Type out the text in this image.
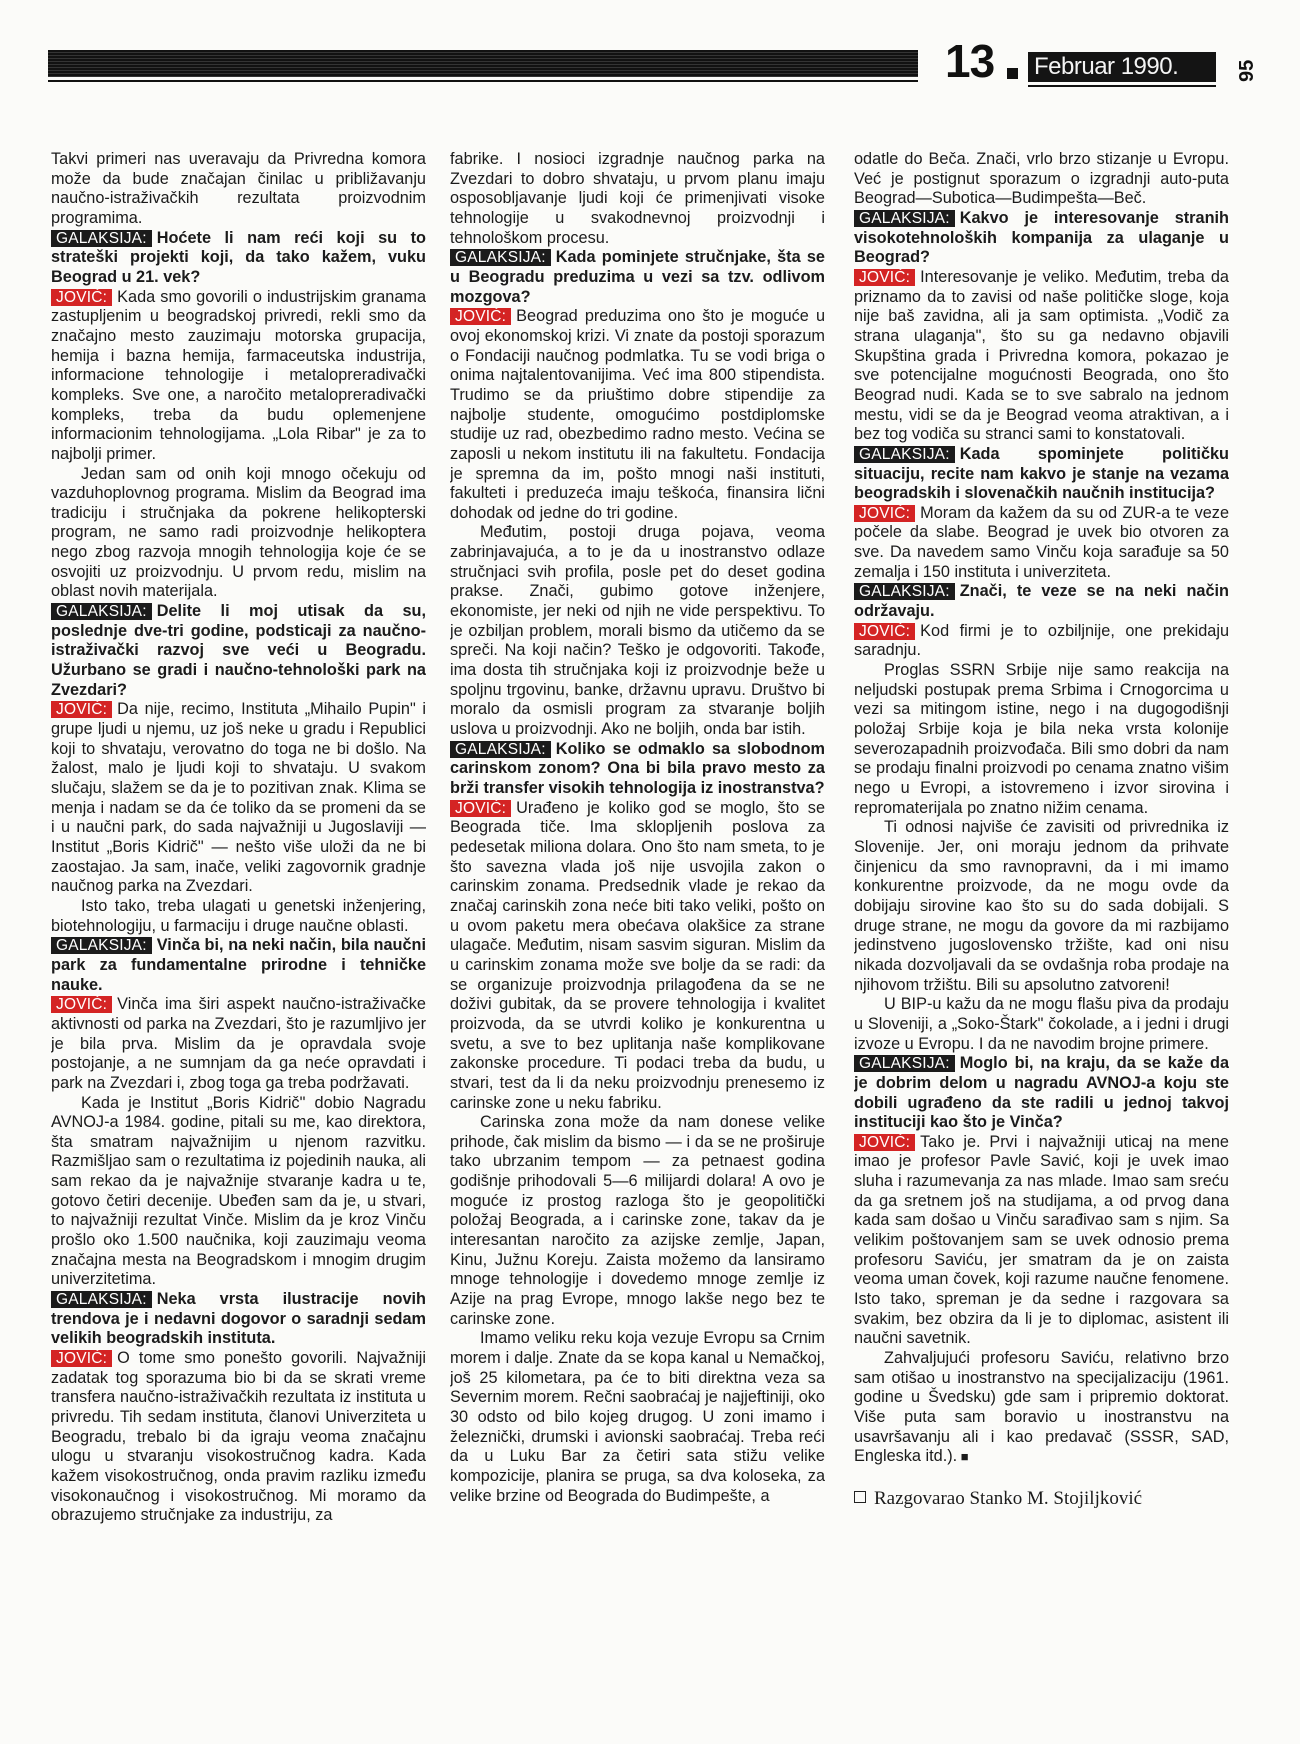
13 Februar 1990.	95

Takvi primeri nas uveravaju da Privredna komora može da bude značajan činilac u približavanju naučno-istraživačkih rezultata proizvodnim programima.

GALAKSIJA: Hoćete li nam reći koji su to strateški projekti koji, da tako kažem, vuku Beograd u 21. vek?

JOVIĆ: Kada smo govorili o industrijskim granama zastupljenim u beogradskoj privredi, rekli smo da značajno mesto zauzimaju motorska grupacija, hemija i bazna hemija, farmaceutska industrija, informacione tehnologije i metalopreradivački kompleks. Sve one, a naročito metalopreradivački kompleks, treba da budu oplemenjene informacionim tehnologijama. „Lola Ribar" je za to najbolji primer.

Jedan sam od onih koji mnogo očekuju od vazduhoplovnog programa. Mislim da Beograd ima tradiciju i stručnjaka da pokrene helikopterski program, ne samo radi proizvodnje helikoptera nego zbog razvoja mnogih tehnologija koje će se osvojiti uz proizvodnju. U prvom redu, mislim na oblast novih materijala.

GALAKSIJA: Delite li moj utisak da su, poslednje dve-tri godine, podsticaji za naučno-istraživački razvoj sve veći u Beogradu. Užurbano se gradi i naučno-tehnološki park na Zvezdari?

JOVIĆ: Da nije, recimo, Instituta „Mihailo Pupin" i grupe ljudi u njemu, uz još neke u gradu i Republici koji to shvataju, verovatno do toga ne bi došlo. Na žalost, malo je ljudi koji to shvataju. U svakom slučaju, slažem se da je to pozitivan znak. Klima se menja i nadam se da će toliko da se promeni da se i u naučni park, do sada najvažniji u Jugoslaviji — Institut „Boris Kidrič" — nešto više uloži da ne bi zaostajao. Ja sam, inače, veliki zagovornik gradnje naučnog parka na Zvezdari.

Isto tako, treba ulagati u genetski inženjering, biotehnologiju, u farmaciju i druge naučne oblasti.

GALAKSIJA: Vinča bi, na neki način, bila naučni park za fundamentalne prirodne i tehničke nauke.

JOVIĆ: Vinča ima širi aspekt naučno-istraživačke aktivnosti od parka na Zvezdari, što je razumljivo jer je bila prva. Mislim da je opravdala svoje postojanje, a ne sumnjam da ga neće opravdati i park na Zvezdari i, zbog toga ga treba podržavati.

Kada je Institut „Boris Kidrič" dobio Nagradu AVNOJ-a 1984. godine, pitali su me, kao direktora, šta smatram najvažnijim u njenom razvitku. Razmišljao sam o rezultatima iz pojedinih nauka, ali sam rekao da je najvažnije stvaranje kadra u te, gotovo četiri decenije. Ubeđen sam da je, u stvari, to najvažniji rezultat Vinče. Mislim da je kroz Vinču prošlo oko 1.500 naučnika, koji zauzimaju veoma značajna mesta na Beogradskom i mnogim drugim univerzitetima.

GALAKSIJA: Neka vrsta ilustracije novih trendova je i nedavni dogovor o saradnji sedam velikih beogradskih instituta.

JOVIĆ: O tome smo ponešto govorili. Najvažniji zadatak tog sporazuma bio bi da se skrati vreme transfera naučno-istraživačkih rezultata iz instituta u privredu. Tih sedam instituta, članovi Univerziteta u Beogradu, trebalo bi da igraju veoma značajnu ulogu u stvaranju visokostručnog kadra. Kada kažem visokostručnog, onda pravim razliku između visokonaučnog i visokostručnog. Mi moramo da obrazujemo stručnjake za industriju, za

fabrike. I nosioci izgradnje naučnog parka na Zvezdari to dobro shvataju, u prvom planu imaju osposobljavanje ljudi koji će primenjivati visoke tehnologije u svakodnevnoj proizvodnji i tehnološkom procesu.

GALAKSIJA: Kada pominjete stručnjake, šta se u Beogradu preduzima u vezi sa tzv. odlivom mozgova?

JOVIĆ: Beograd preduzima ono što je moguće u ovoj ekonomskoj krizi. Vi znate da postoji sporazum o Fondaciji naučnog podmlatka. Tu se vodi briga o onima najtalentovanijima. Već ima 800 stipendista. Trudimo se da priuštimo dobre stipendije za najbolje studente, omogućimo postdiplomske studije uz rad, obezbedimo radno mesto. Većina se zaposli u nekom institutu ili na fakultetu. Fondacija je spremna da im, pošto mnogi naši instituti, fakulteti i preduzeća imaju teškoća, finansira lični dohodak od jedne do tri godine.

Međutim, postoji druga pojava, veoma zabrinjavajuća, a to je da u inostranstvo odlaze stručnjaci svih profila, posle pet do deset godina prakse. Znači, gubimo gotove inženjere, ekonomiste, jer neki od njih ne vide perspektivu. To je ozbiljan problem, morali bismo da utičemo da se spreči. Na koji način? Teško je odgovoriti. Takođe, ima dosta tih stručnjaka koji iz proizvodnje beže u spoljnu trgovinu, banke, državnu upravu. Društvo bi moralo da osmisli program za stvaranje boljih uslova u proizvodnji. Ako ne boljih, onda bar istih.

GALAKSIJA: Koliko se odmaklo sa slobodnom carinskom zonom? Ona bi bila pravo mesto za brži transfer visokih tehnologija iz inostranstva?

JOVIĆ: Urađeno je koliko god se moglo, što se Beograda tiče. Ima sklopljenih poslova za pedesetak miliona dolara. Ono što nam smeta, to je što savezna vlada još nije usvojila zakon o carinskim zonama. Predsednik vlade je rekao da značaj carinskih zona neće biti tako veliki, pošto on u ovom paketu mera obećava olakšice za strane ulagače. Međutim, nisam sasvim siguran. Mislim da u carinskim zonama može sve bolje da se radi: da se organizuje proizvodnja prilagođena da se ne doživi gubitak, da se provere tehnologija i kvalitet proizvoda, da se utvrdi koliko je konkurentna u svetu, a sve to bez uplitanja naše komplikovane zakonske procedure. Ti podaci treba da budu, u stvari, test da li da neku proizvodnju prenesemo iz carinske zone u neku fabriku.

Carinska zona može da nam donese velike prihode, čak mislim da bismo — i da se ne proširuje tako ubrzanim tempom — za petnaest godina godišnje prihodovali 5—6 milijardi dolara! A ovo je moguće iz prostog razloga što je geopolitički položaj Beograda, a i carinske zone, takav da je interesantan naročito za azijske zemlje, Japan, Kinu, Južnu Koreju. Zaista možemo da lansiramo mnoge tehnologije i dovedemo mnoge zemlje iz Azije na prag Evrope, mnogo lakše nego bez te carinske zone.

Imamo veliku reku koja vezuje Evropu sa Crnim morem i dalje. Znate da se kopa kanal u Nemačkoj, još 25 kilometara, pa će to biti direktna veza sa Severnim morem. Rečni saobraćaj je najjeftiniji, oko 30 odsto od bilo kojeg drugog. U zoni imamo i železnički, drumski i avionski saobraćaj. Treba reći da u Luku Bar za četiri sata stižu velike kompozicije, planira se pruga, sa dva koloseka, za velike brzine od Beograda do Budimpešte, a

odatle do Beča. Znači, vrlo brzo stizanje u Evropu. Već je postignut sporazum o izgradnji auto-puta Beograd—Subotica—Budimpešta—Beč.

GALAKSIJA: Kakvo je interesovanje stranih visokotehnoloških kompanija za ulaganje u Beograd?

JOVIĆ: Interesovanje je veliko. Međutim, treba da priznamo da to zavisi od naše političke sloge, koja nije baš zavidna, ali ja sam optimista. „Vodič za strana ulaganja", što su ga nedavno objavili Skupština grada i Privredna komora, pokazao je sve potencijalne mogućnosti Beograda, ono što Beograd nudi. Kada se to sve sabralo na jednom mestu, vidi se da je Beograd veoma atraktivan, a i bez tog vodiča su stranci sami to konstatovali.

GALAKSIJA: Kada spominjete političku situaciju, recite nam kakvo je stanje na vezama beogradskih i slovenačkih naučnih institucija?

JOVIĆ: Moram da kažem da su od ZUR-a te veze počele da slabe. Beograd je uvek bio otvoren za sve. Da navedem samo Vinču koja sarađuje sa 50 zemalja i 150 instituta i univerziteta.

GALAKSIJA: Znači, te veze se na neki način održavaju.

JOVIĆ: Kod firmi je to ozbiljnije, one prekidaju saradnju.

Proglas SSRN Srbije nije samo reakcija na neljudski postupak prema Srbima i Crnogorcima u vezi sa mitingom istine, nego i na dugogodišnji položaj Srbije koja je bila neka vrsta kolonije severozapadnih proizvođača. Bili smo dobri da nam se prodaju finalni proizvodi po cenama znatno višim nego u Evropi, a istovremeno i izvor sirovina i repromaterijala po znatno nižim cenama.

Ti odnosi najviše će zavisiti od privrednika iz Slovenije. Jer, oni moraju jednom da prihvate činjenicu da smo ravnopravni, da i mi imamo konkurentne proizvode, da ne mogu ovde da dobijaju sirovine kao što su do sada dobijali. S druge strane, ne mogu da govore da mi razbijamo jedinstveno jugoslovensko tržište, kad oni nisu nikada dozvoljavali da se ovdašnja roba prodaje na njihovom tržištu. Bili su apsolutno zatvoreni!

U BIP-u kažu da ne mogu flašu piva da prodaju u Sloveniji, a „Soko-Štark" čokolade, a i jedni i drugi izvoze u Evropu. I da ne navodim brojne primere.

GALAKSIJA: Moglo bi, na kraju, da se kaže da je dobrim delom u nagradu AVNOJ-a koju ste dobili ugrađeno da ste radili u jednoj takvoj instituciji kao što je Vinča?

JOVIĆ: Tako je. Prvi i najvažniji uticaj na mene imao je profesor Pavle Savić, koji je uvek imao sluha i razumevanja za nas mlade. Imao sam sreću da ga sretnem još na studijama, a od prvog dana kada sam došao u Vinču sarađivao sam s njim. Sa velikim poštovanjem sam se uvek odnosio prema profesoru Saviću, jer smatram da je on zaista veoma uman čovek, koji razume naučne fenomene. Isto tako, spreman je da sedne i razgovara sa svakim, bez obzira da li je to diplomac, asistent ili naučni savetnik.

Zahvaljujući profesoru Saviću, relativno brzo sam otišao u inostranstvo na specijalizaciju (1961. godine u Švedsku) gde sam i pripremio doktorat. Više puta sam boravio u inostranstvu na usavršavanju ali i kao predavač (SSSR, SAD, Engleska itd.). ■

Razgovarao Stanko M. Stojiljković
